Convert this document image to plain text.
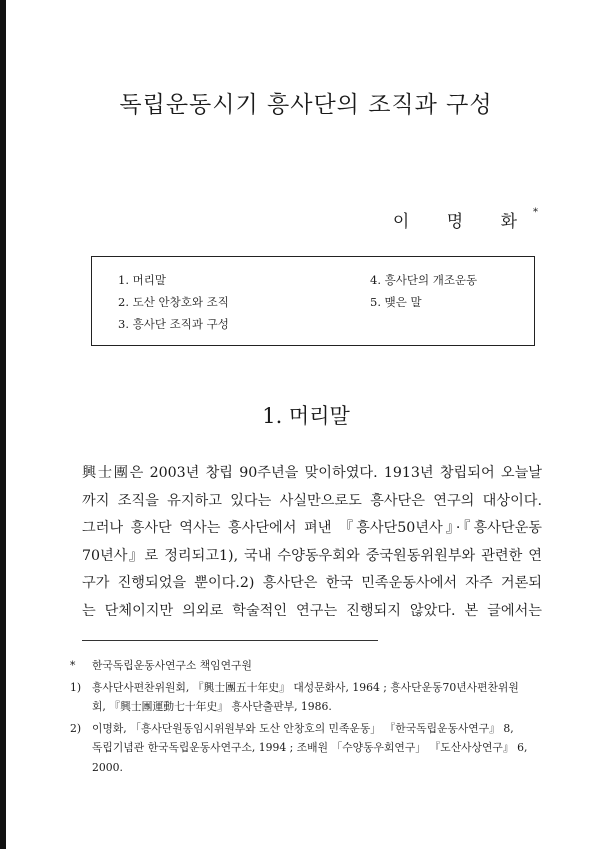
독립운동시기 흥사단의 조직과 구성
이 명 화*
1. 머리말
2. 도산 안창호와 조직
3. 흥사단 조직과 구성
4. 흥사단의 개조운동
5. 맺은 말
1. 머리말
興士團은 2003년 창립 90주년을 맞이하였다. 1913년 창립되어 오늘날
까지 조직을 유지하고 있다는 사실만으로도 흥사단은 연구의 대상이다.
그러나 흥사단 역사는 흥사단에서 펴낸 『흥사단50년사』·『흥사단운동
70년사』로 정리되고1), 국내 수양동우회와 중국원동위원부와 관련한 연
구가 진행되었을 뿐이다.2) 흥사단은 한국 민족운동사에서 자주 거론되
는 단체이지만 의외로 학술적인 연구는 진행되지 않았다. 본 글에서는
* 한국독립운동사연구소 책임연구원
1) 흥사단사편찬위원회, 『興士團五十年史』 대성문화사, 1964 ; 흥사단운동70년사편찬위원
회, 『興士團運動七十年史』 흥사단출판부, 1986.
2) 이명화, 「흥사단원동임시위원부와 도산 안창호의 민족운동」 『한국독립운동사연구』 8,
독립기념관 한국독립운동사연구소, 1994 ; 조배원 「수양동우회연구」 『도산사상연구』 6,
2000.
